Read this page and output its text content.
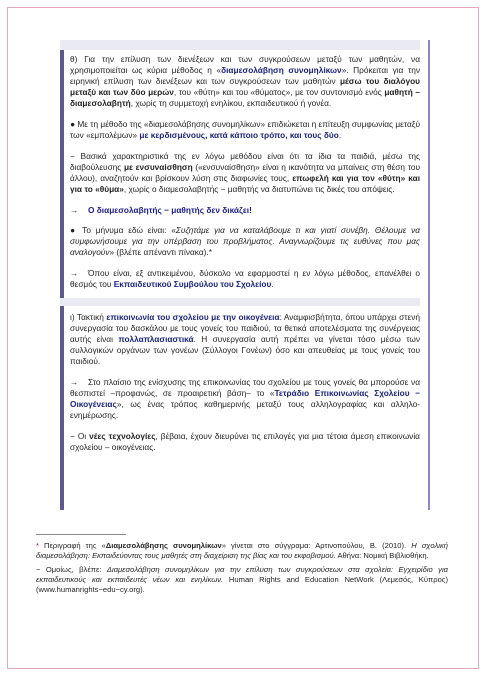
θ) Για την επίλυση των διενέξεων και των συγκρούσεων μεταξύ των μαθητών, να χρησιμοποιείται ως κύρια μέθοδος η «διαμεσολάβηση συνομηλίκων». Πρόκειται για την ειρηνική επίλυση των διενέξεων και των συγκρούσεων των μαθητών μέσω του διαλόγου μεταξύ και των δύο μερών, του «θύτη» και του «θύματος», με τον συντονισμό ενός μαθητή – διαμεσολαβητή, χωρίς τη συμμετοχή ενηλίκου, εκπαιδευτικού ή γονέα.

● Με τη μέθοδο της «διαμεσολάβησης συνομηλίκων» επιδιώκεται η επίτευξη συμφωνίας μεταξύ των «εμπολέμων» με κερδισμένους, κατά κάποιο τρόπο, και τους δύο.

− Βασικά χαρακτηριστικά της εν λόγω μεθόδου είναι ότι τα ίδια τα παιδιά, μέσω της διαβούλευσης με ενσυναίσθηση («ενσυναίσθηση» είναι η ικανότητα να μπαίνεις στη θέση του άλλου), αναζητούν και βρίσκουν λύση στις διαφωνίες τους, επωφελή και για τον «θύτη» και για το «θύμα», χωρίς ο διαμεσολαβητής − μαθητής να διατυπώνει τις δικές του απόψεις.

→ Ο διαμεσολαβητής − μαθητής δεν δικάζει!

● Το μήνυμα εδώ είναι: «Συζητάμε για να καταλάβουμε τι και γιατί συνέβη. Θέλουμε να συμφωνήσουμε για την υπέρβαση του προβλήματος. Αναγνωρίζουμε τις ευθύνες που μας αναλογούν» (βλέπε απέναντι πίνακα).*

→ Όπου είναι, εξ αντικειμένου, δύσκολο να εφαρμοστεί η εν λόγω μέθοδος, επανέλθει ο θεσμός του Εκπαιδευτικού Συμβούλου του Σχολείου.

ι) Τακτική επικοινωνία του σχολείου με την οικογένεια: Αναμφισβήτητα, όπου υπάρχει στενή συνεργασία του δασκάλου με τους γονείς του παιδιού, τα θετικά αποτελέσματα της συνέργειας αυτής είναι πολλαπλασιαστικά. Η συνεργασία αυτή πρέπει να γίνεται τόσο μέσω των συλλογικών οργάνων των γονέων (Σύλλογοι Γονέων) όσο και απευθείας με τους γονείς του παιδιού.

→ Στο πλαίσιο της ενίσχυσης της επικοινωνίας του σχολείου με τους γονείς θα μπορούσε να θεσπιστεί –προφανώς, σε προαιρετική βάση– το «Τετράδιο Επικοινωνίας Σχολείου − Οικογένειας», ως ένας τρόπος καθημερινής μεταξύ τους αλληλογραφίας και αλληλο-ενημέρωσης.

− Οι νέες τεχνολογίες, βέβαια, έχουν διευρύνει τις επιλογές για μια τέτοια άμεση επικοινωνία σχολείου – οικογένειας.

* Περιγραφή της «Διαμεσολάβησης συνομηλίκων» γίνεται στο σύγγραμα: Αρτινοπούλου, Β. (2010). Η σχολική διαμεσολάβηση: Εκπαιδεύοντας τους μαθητές στη διαχείριση της βίας και του εκφοβισμού. Αθήνα: Νομική Βιβλιοθήκη.

− Ομοίως, βλέπε: Διαμεσολάβηση συνομηλίκων για την επίλυση των συγκρούσεων στα σχολεία: Εγχειρίδιο για εκπαιδευτικούς και εκπαιδευτές νέων και ενηλίκων. Human Rights and Education NetWork (Λεμεσός, Κύπρος) (www.humanrights−edu−cy.org).
